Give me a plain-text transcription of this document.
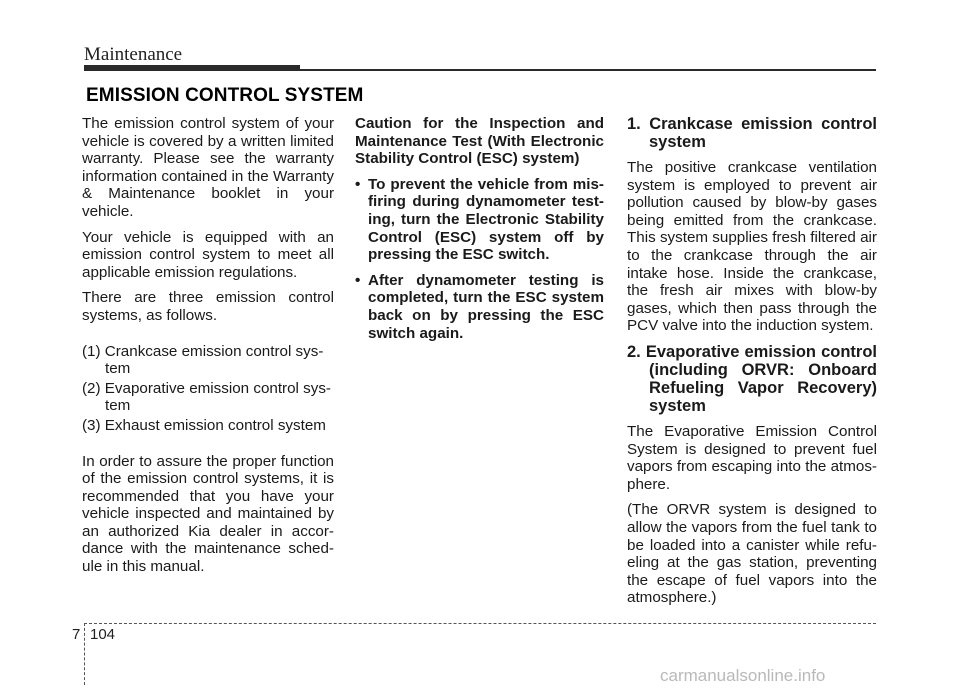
Maintenance
EMISSION CONTROL SYSTEM

The emission control system of your vehicle is covered by a written limited warranty. Please see the warranty information contained in the Warranty & Maintenance booklet in your vehicle.

Your vehicle is equipped with an emission control system to meet all applicable emission regulations.

There are three emission control systems, as follows.

(1) Crankcase emission control sys-tem

(2) Evaporative emission control sys-tem

(3) Exhaust emission control system

In order to assure the proper function of the emission control systems, it is recommended that you have your vehicle inspected and maintained by an authorized Kia dealer in accor-dance with the maintenance sched-ule in this manual.

Caution for the Inspection and Maintenance Test (With Electronic Stability Control (ESC) system)

• To prevent the vehicle from mis-firing during dynamometer test-ing, turn the Electronic Stability Control (ESC) system off by pressing the ESC switch.

• After dynamometer testing is completed, turn the ESC system back on by pressing the ESC switch again.

1. Crankcase emission control system

The positive crankcase ventilation system is employed to prevent air pollution caused by blow-by gases being emitted from the crankcase. This system supplies fresh filtered air to the crankcase through the air intake hose. Inside the crankcase, the fresh air mixes with blow-by gases, which then pass through the PCV valve into the induction system.

2. Evaporative emission control (including ORVR: Onboard Refueling Vapor Recovery) system

The Evaporative Emission Control System is designed to prevent fuel vapors from escaping into the atmos-phere.

(The ORVR system is designed to allow the vapors from the fuel tank to be loaded into a canister while refu-eling at the gas station, preventing the escape of fuel vapors into the atmosphere.)

7 104
carmanualsonline.info
